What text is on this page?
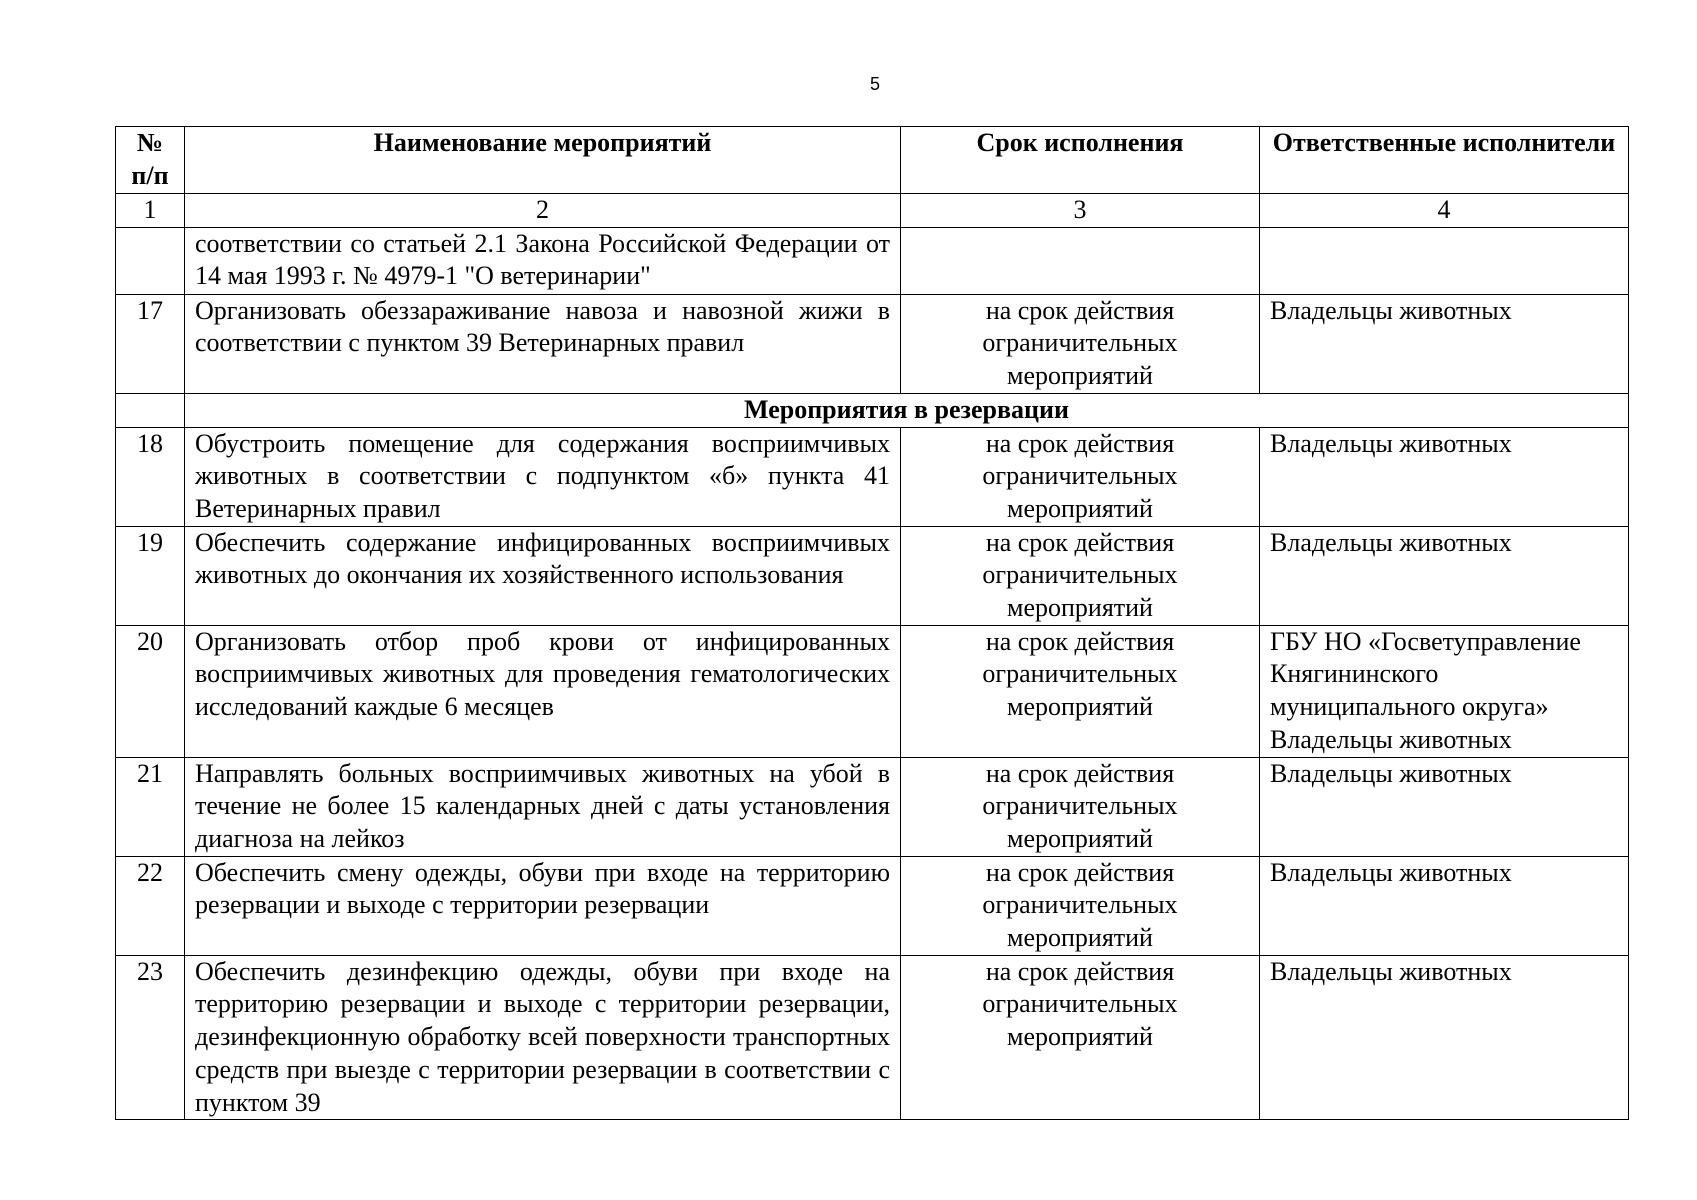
5
№ п/п	Наименование мероприятий	Срок исполнения	Ответственные исполнители
1	2	3	4
	соответствии со статьей 2.1 Закона Российской Федерации от 14 мая 1993 г. № 4979-1 "О ветеринарии"		
17	Организовать обеззараживание навоза и навозной жижи в соответствии с пунктом 39 Ветеринарных правил	на срок действия ограничительных мероприятий	Владельцы животных
	Мероприятия в резервации		
18	Обустроить помещение для содержания восприимчивых животных в соответствии с подпунктом «б» пункта 41 Ветеринарных правил	на срок действия ограничительных мероприятий	Владельцы животных
19	Обеспечить содержание инфицированных восприимчивых животных до окончания их хозяйственного использования	на срок действия ограничительных мероприятий	Владельцы животных
20	Организовать отбор проб крови от инфицированных восприимчивых животных для проведения гематологических исследований каждые 6 месяцев	на срок действия ограничительных мероприятий	ГБУ НО «Госветуправление Княгининского муниципального округа» Владельцы животных
21	Направлять больных восприимчивых животных на убой в течение не более 15 календарных дней с даты установления диагноза на лейкоз	на срок действия ограничительных мероприятий	Владельцы животных
22	Обеспечить смену одежды, обуви при входе на территорию резервации и выходе с территории резервации	на срок действия ограничительных мероприятий	Владельцы животных
23	Обеспечить дезинфекцию одежды, обуви при входе на территорию резервации и выходе с территории резервации, дезинфекционную обработку всей поверхности транспортных средств при выезде с территории резервации в соответствии с пунктом 39	на срок действия ограничительных мероприятий	Владельцы животных
